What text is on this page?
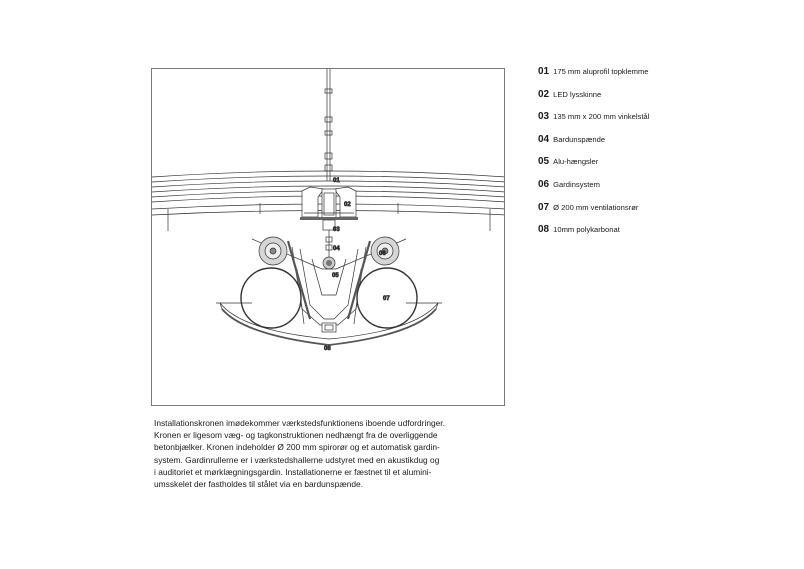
01
02
03
04
05
06
07
08
01 175 mm aluprofil topklemme
02 LED lysskinne
03 135 mm x 200 mm vinkelstål
04 Bardunspænde
05 Alu-hængsler
06 Gardinsystem
07 Ø 200 mm ventilationsrør
08 10mm polykarbonat

Installationskronen imødekommer værkstedsfunktionens iboende udfordringer.
Kronen er ligesom væg- og tagkonstruktionen nedhængt fra de overliggende
betonbjælker. Kronen indeholder Ø 200 mm spirorør og et automatisk gardin-
system. Gardinrullerne er i værkstedshallerne udstyret med en akustikdug og
i auditoriet et mørklægningsgardin. Installationerne er fæstnet til et alumini-
umsskelet der fastholdes til stålet via en bardunspænde.
